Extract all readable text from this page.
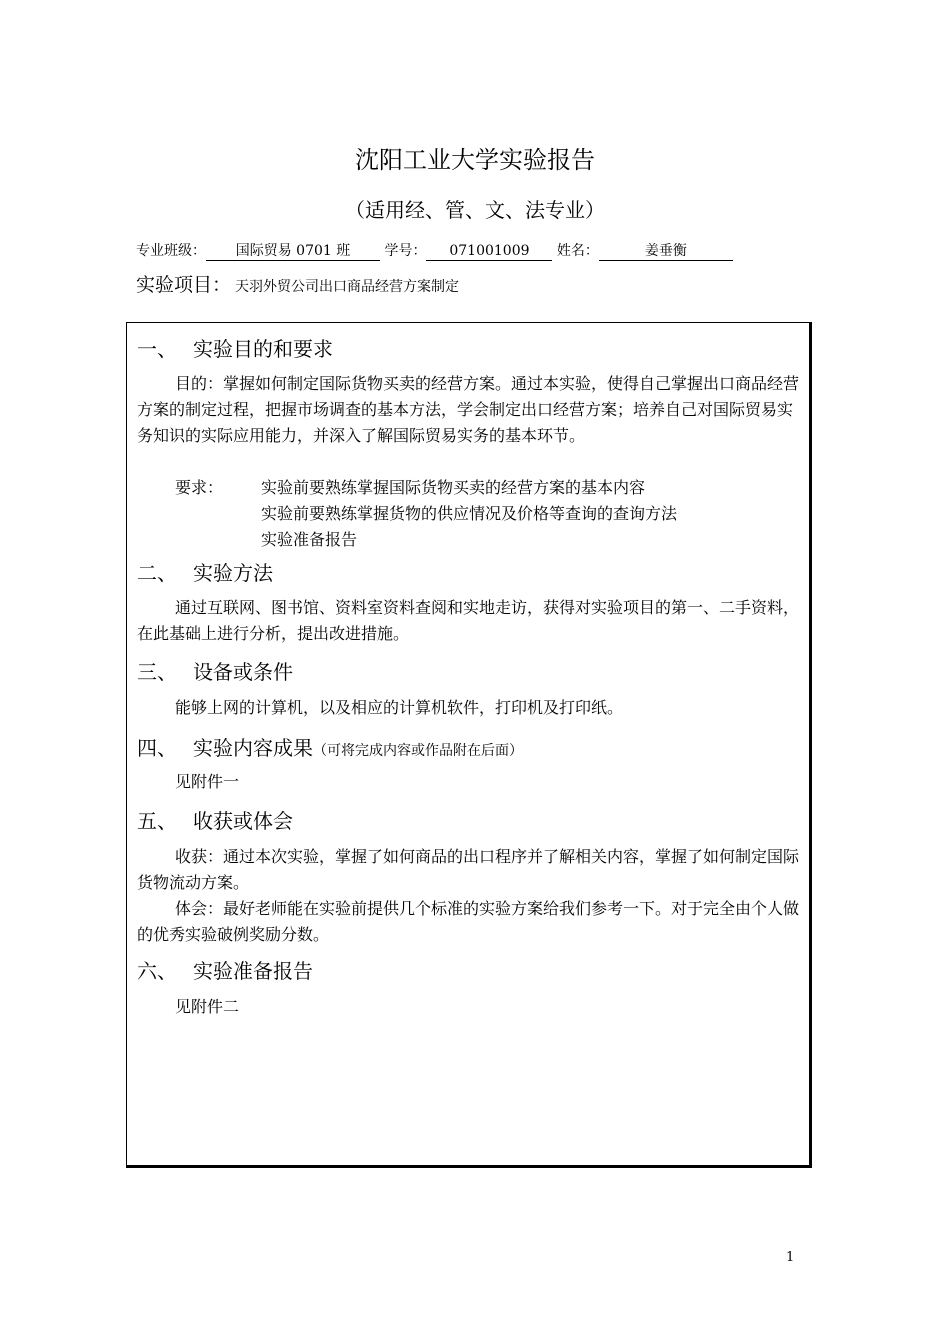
沈阳工业大学实验报告
（适用经、管、文、法专业）
专业班级： 国际贸易 0701 班 学号： 071001009 姓名：	姜垂衡
实验项目： 天羽外贸公司出口商品经营方案制定
一、 实验目的和要求

目的：掌握如何制定国际货物买卖的经营方案。通过本实验，使得自己掌握出口商品经营方案的制定过程，把握市场调查的基本方法，学会制定出口经营方案；培养自己对国际贸易实务知识的实际应用能力，并深入了解国际贸易实务的基本环节。

要求： 实验前要熟练掌握国际货物买卖的经营方案的基本内容
实验前要熟练掌握货物的供应情况及价格等查询的查询方法
实验准备报告
二、 实验方法

通过互联网、图书馆、资料室资料查阅和实地走访，获得对实验项目的第一、二手资料，在此基础上进行分析，提出改进措施。

三、 设备或条件

能够上网的计算机，以及相应的计算机软件，打印机及打印纸。

四、 实验内容成果（可将完成内容或作品附在后面）

见附件一

五、 收获或体会

收获：通过本次实验，掌握了如何商品的出口程序并了解相关内容，掌握了如何制定国际货物流动方案。

体会：最好老师能在实验前提供几个标准的实验方案给我们参考一下。对于完全由个人做的优秀实验破例奖励分数。

六、 实验准备报告

见附件二

1
